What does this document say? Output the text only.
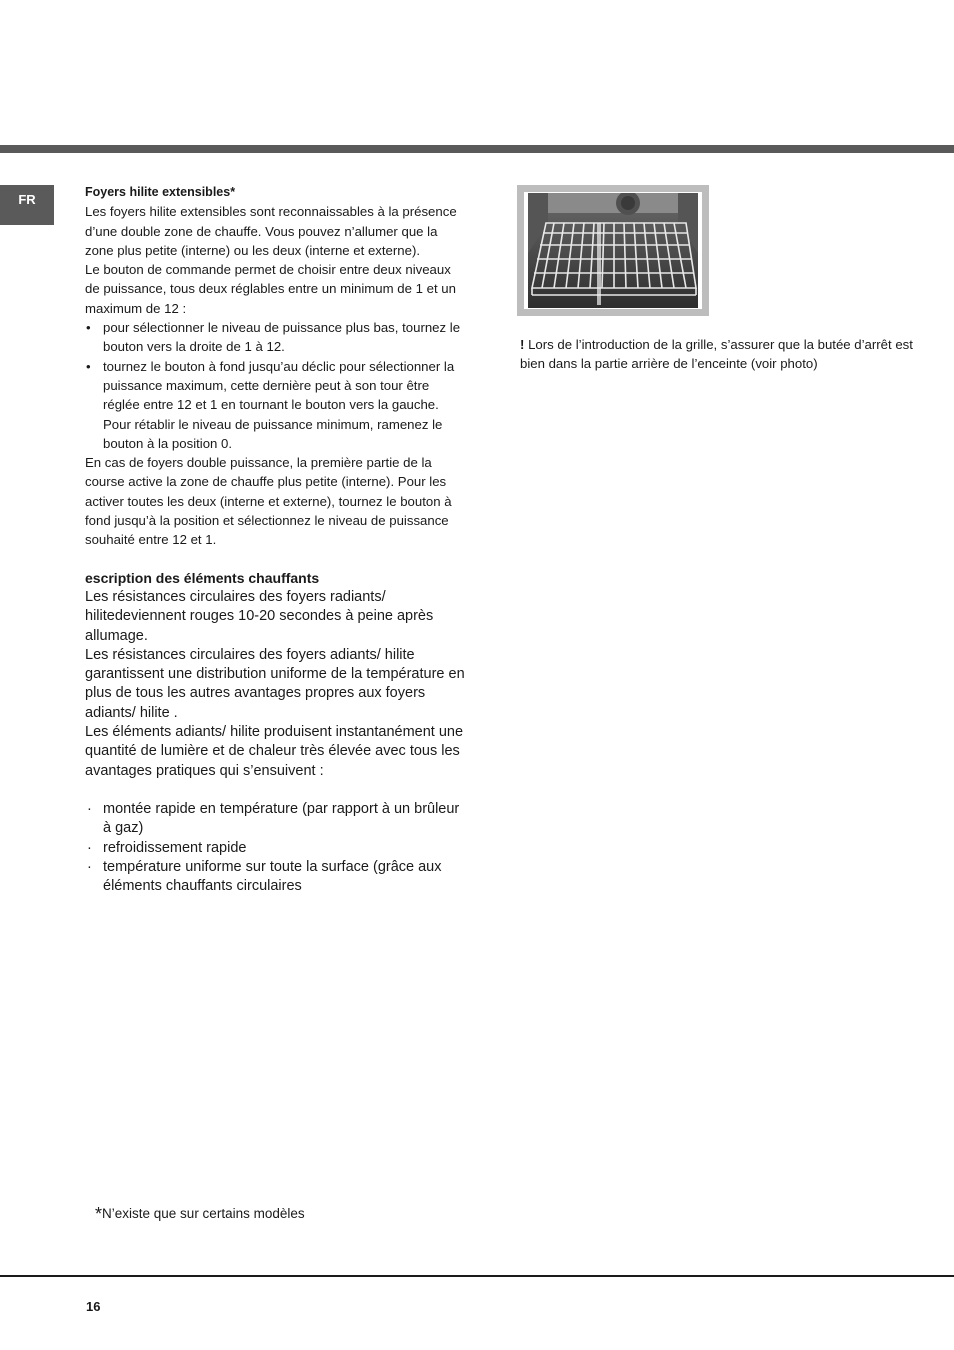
FR	Foyers hilite extensibles*

Les foyers hilite extensibles sont reconnaissables à la présence d’une double zone de chauffe. Vous pouvez n’allumer que la zone plus petite (interne) ou les deux (interne et externe).

Le bouton de commande permet de choisir entre deux niveaux de puissance, tous deux réglables entre un minimum de 1 et un maximum de 12 :

• pour sélectionner le niveau de puissance plus bas, tournez le bouton vers la droite de 1 à 12.
• tournez le bouton à fond jusqu’au déclic pour sélectionner la puissance maximum, cette dernière peut à son tour être réglée entre 12 et 1 en tournant le bouton vers la gauche. Pour rétablir le niveau de puissance minimum, ramenez le bouton à la position 0.

En cas de foyers double puissance, la première partie de la course active la zone de chauffe plus petite (interne). Pour les activer toutes les deux (interne et externe), tournez le bouton à fond jusqu’à la position et sélectionnez le niveau de puissance souhaité entre 12 et 1.

escription des éléments chauffants

Les résistances circulaires des foyers radiants/ hilitedeviennent rouges 10-20 secondes à peine après allumage.

Les résistances circulaires des foyers adiants/ hilite garantissent une distribution uniforme de la température en plus de tous les autres avantages propres aux foyers adiants/ hilite .

Les éléments adiants/ hilite produisent instantanément une quantité de lumière et de chaleur très élevée avec tous les avantages pratiques qui s’ensuivent :

· montée rapide en température (par rapport à un brûleur à gaz)
· refroidissement rapide
· température uniforme sur toute la surface (grâce aux éléments chauffants circulaires
! Lors de l’introduction de la grille, s’assurer que la butée d’arrêt est bien dans la partie arrière de l’enceinte (voir photo)
*N’existe que sur certains modèles
16
